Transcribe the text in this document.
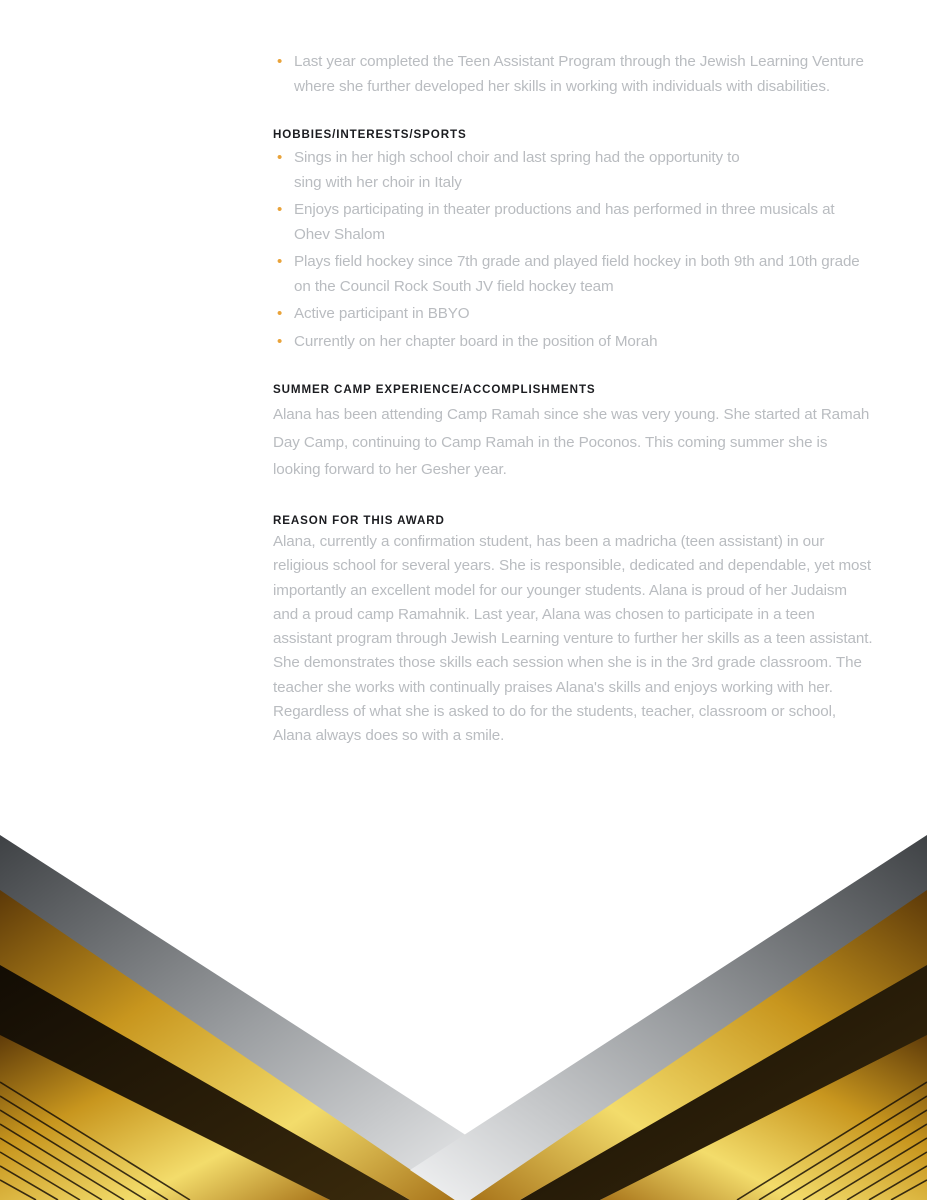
• Last year completed the Teen Assistant Program through the Jewish Learning Venture where she further developed her skills in working with individuals with disabilities.
HOBBIES/INTERESTS/SPORTS
• Sings in her high school choir and last spring had the opportunity to sing with her choir in Italy
• Enjoys participating in theater productions and has performed in three musicals at Ohev Shalom
• Plays field hockey since 7th grade and played field hockey in both 9th and 10th grade on the Council Rock South JV field hockey team
• Active participant in BBYO
• Currently on her chapter board in the position of Morah
SUMMER CAMP EXPERIENCE/ACCOMPLISHMENTS

Alana has been attending Camp Ramah since she was very young. She started at Ramah Day Camp, continuing to Camp Ramah in the Poconos. This coming summer she is looking forward to her Gesher year.

REASON FOR THIS AWARD

Alana, currently a confirmation student, has been a madricha (teen assistant) in our religious school for several years. She is responsible, dedicated and dependable, yet most importantly an excellent model for our younger students. Alana is proud of her Judaism and a proud camp Ramahnik. Last year, Alana was chosen to participate in a teen assistant program through Jewish Learning venture to further her skills as a teen assistant. She demonstrates those skills each session when she is in the 3rd grade classroom. The teacher she works with continually praises Alana's skills and enjoys working with her. Regardless of what she is asked to do for the students, teacher, classroom or school, Alana always does so with a smile.
